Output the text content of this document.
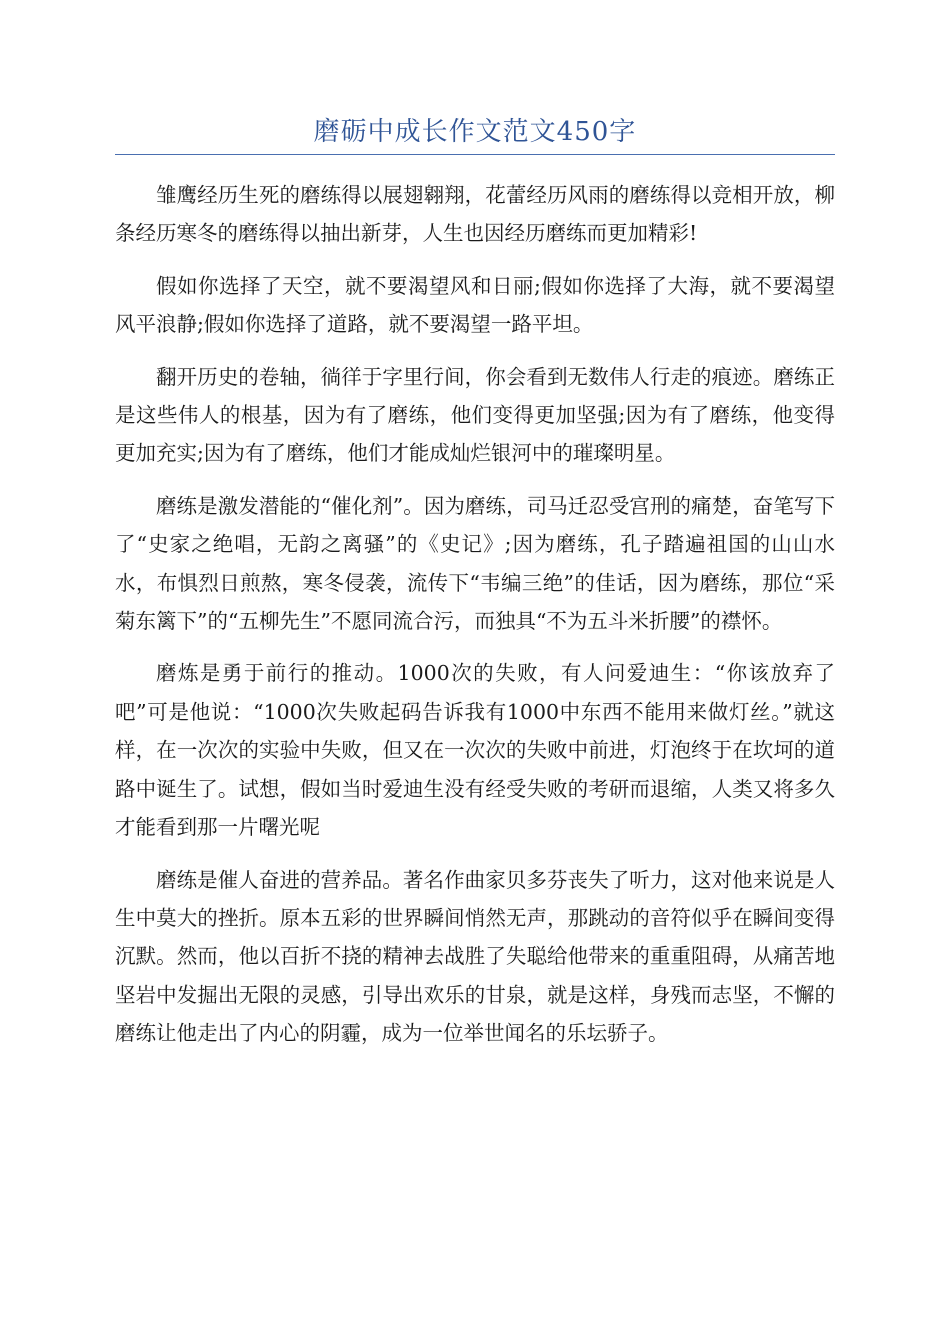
磨砺中成长作文范文450字

雏鹰经历生死的磨练得以展翅翱翔，花蕾经历风雨的磨练得以竞相开放，柳条经历寒冬的磨练得以抽出新芽，人生也因经历磨练而更加精彩!

假如你选择了天空，就不要渴望风和日丽;假如你选择了大海，就不要渴望风平浪静;假如你选择了道路，就不要渴望一路平坦。

翻开历史的卷轴，徜徉于字里行间，你会看到无数伟人行走的痕迹。磨练正是这些伟人的根基，因为有了磨练，他们变得更加坚强;因为有了磨练，他变得更加充实;因为有了磨练，他们才能成灿烂银河中的璀璨明星。

磨练是激发潜能的“催化剂”。因为磨练，司马迁忍受宫刑的痛楚，奋笔写下了“史家之绝唱，无韵之离骚”的《史记》;因为磨练，孔子踏遍祖国的山山水水，布惧烈日煎熬，寒冬侵袭，流传下“韦编三绝”的佳话，因为磨练，那位“采菊东篱下”的“五柳先生”不愿同流合污，而独具“不为五斗米折腰”的襟怀。

磨炼是勇于前行的推动。1000次的失败，有人问爱迪生：“你该放弃了吧”可是他说：“1000次失败起码告诉我有1000中东西不能用来做灯丝。”就这样，在一次次的实验中失败，但又在一次次的失败中前进，灯泡终于在坎坷的道路中诞生了。试想，假如当时爱迪生没有经受失败的考研而退缩，人类又将多久才能看到那一片曙光呢

磨练是催人奋进的营养品。著名作曲家贝多芬丧失了听力，这对他来说是人生中莫大的挫折。原本五彩的世界瞬间悄然无声，那跳动的音符似乎在瞬间变得沉默。然而，他以百折不挠的精神去战胜了失聪给他带来的重重阻碍，从痛苦地坚岩中发掘出无限的灵感，引导出欢乐的甘泉，就是这样，身残而志坚，不懈的磨练让他走出了内心的阴霾，成为一位举世闻名的乐坛骄子。
